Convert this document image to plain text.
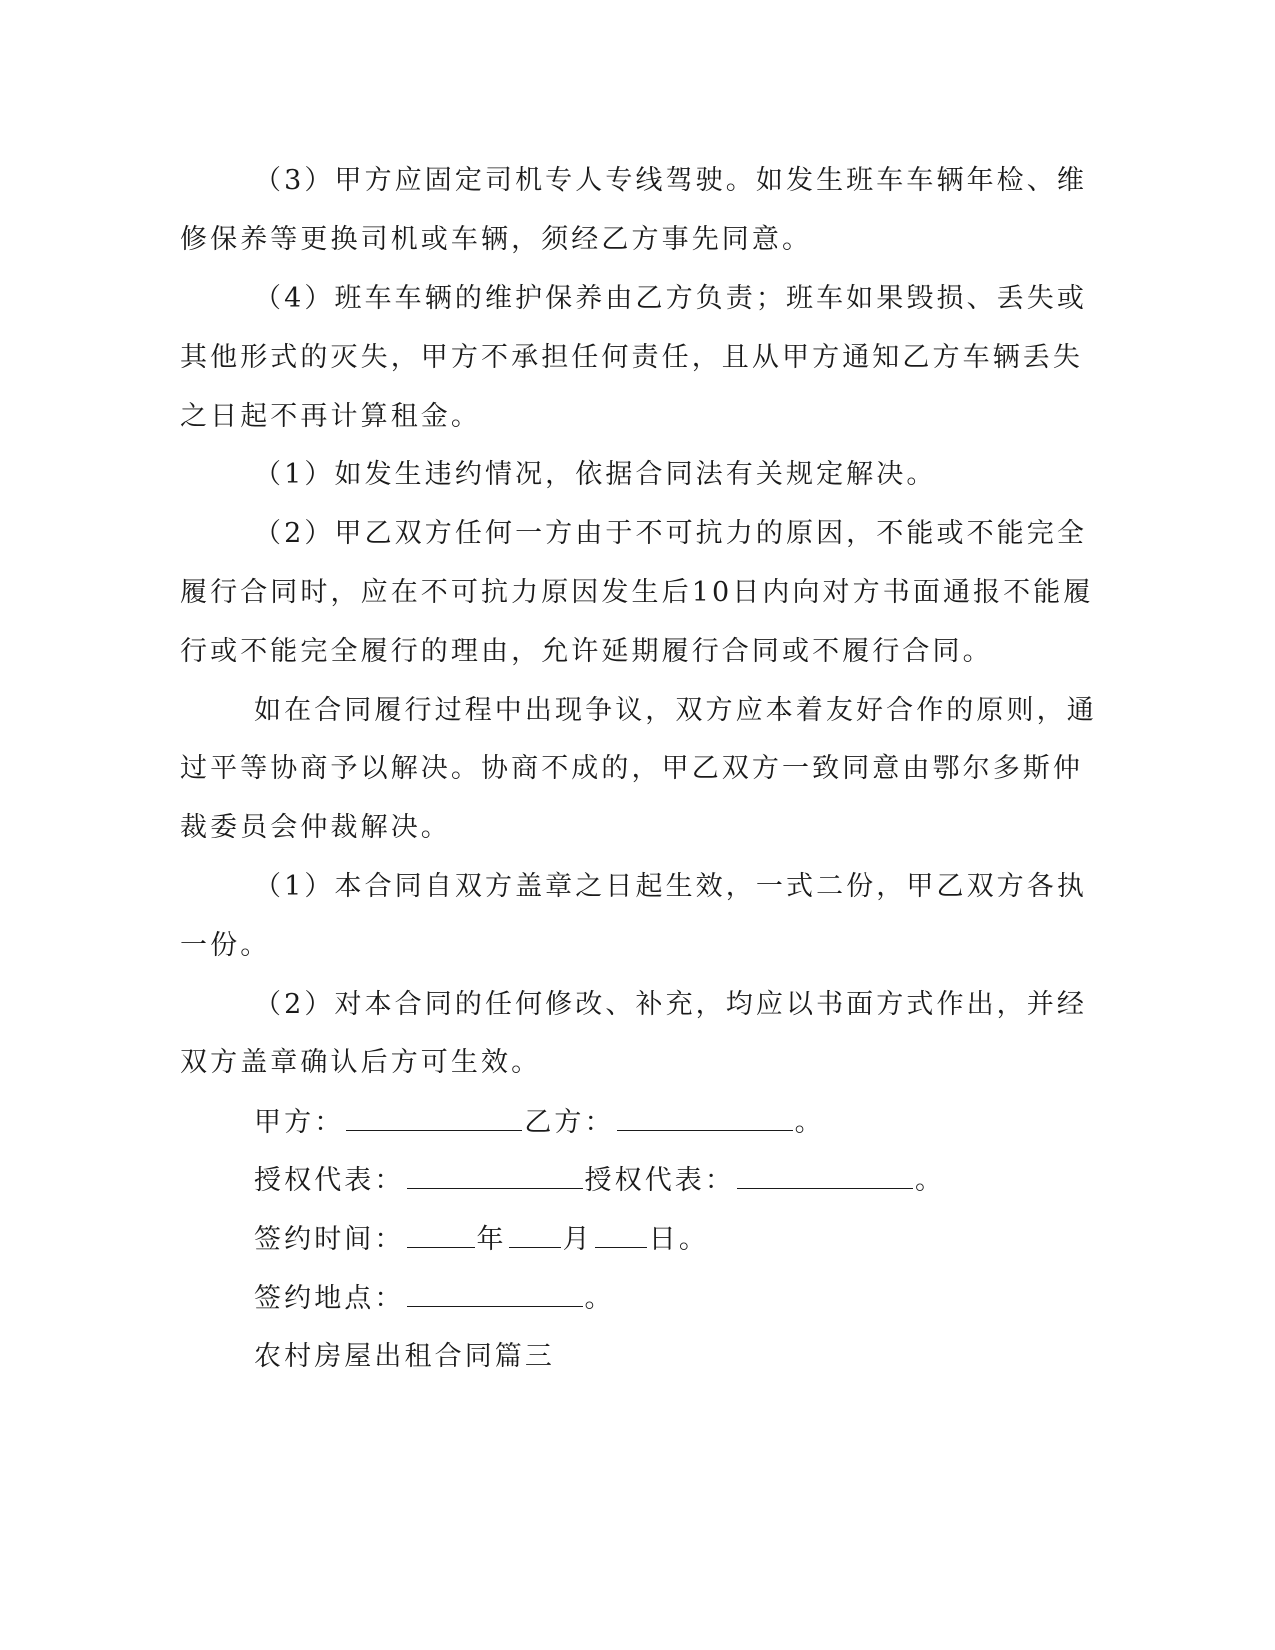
（3）甲方应固定司机专人专线驾驶。如发生班车车辆年检、维
修保养等更换司机或车辆，须经乙方事先同意。
（4）班车车辆的维护保养由乙方负责；班车如果毁损、丢失或
其他形式的灭失，甲方不承担任何责任，且从甲方通知乙方车辆丢失
之日起不再计算租金。
（1）如发生违约情况，依据合同法有关规定解决。
（2）甲乙双方任何一方由于不可抗力的原因，不能或不能完全
履行合同时，应在不可抗力原因发生后10日内向对方书面通报不能履
行或不能完全履行的理由，允许延期履行合同或不履行合同。
如在合同履行过程中出现争议，双方应本着友好合作的原则，通
过平等协商予以解决。协商不成的，甲乙双方一致同意由鄂尔多斯仲
裁委员会仲裁解决。
（1）本合同自双方盖章之日起生效，一式二份，甲乙双方各执
一份。
（2）对本合同的任何修改、补充，均应以书面方式作出，并经
双方盖章确认后方可生效。
甲方：	乙方：	。
授权代表：	授权代表：	。
签约时间：	年 月 日。
签约地点：	。
农村房屋出租合同篇三
